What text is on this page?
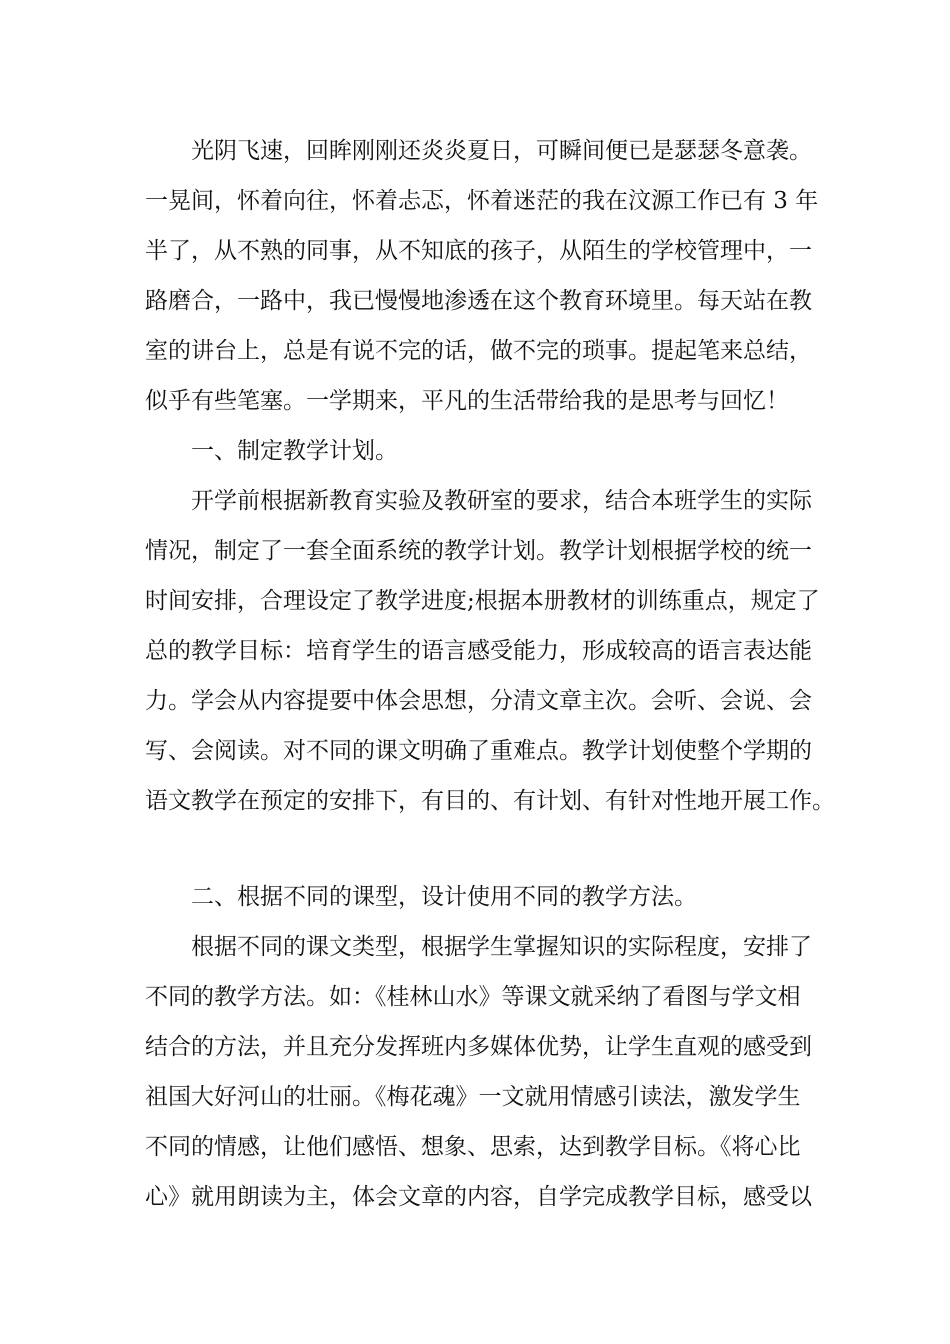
光阴飞速，回眸刚刚还炎炎夏日，可瞬间便已是瑟瑟冬意袭。
一晃间，怀着向往，怀着忐忑，怀着迷茫的我在汶源工作已有 3 年
半了，从不熟的同事，从不知底的孩子，从陌生的学校管理中，一
路磨合，一路中，我已慢慢地渗透在这个教育环境里。每天站在教
室的讲台上，总是有说不完的话，做不完的琐事。提起笔来总结，
似乎有些笔塞。一学期来，平凡的生活带给我的是思考与回忆！
一、制定教学计划。
开学前根据新教育实验及教研室的要求，结合本班学生的实际
情况，制定了一套全面系统的教学计划。教学计划根据学校的统一
时间安排，合理设定了教学进度;根据本册教材的训练重点，规定了
总的教学目标：培育学生的语言感受能力，形成较高的语言表达能
力。学会从内容提要中体会思想，分清文章主次。会听、会说、会
写、会阅读。对不同的课文明确了重难点。教学计划使整个学期的
语文教学在预定的安排下，有目的、有计划、有针对性地开展工作。
二、根据不同的课型，设计使用不同的教学方法。
根据不同的课文类型，根据学生掌握知识的实际程度，安排了
不同的教学方法。如：《桂林山水》等课文就采纳了看图与学文相
结合的方法，并且充分发挥班内多媒体优势，让学生直观的感受到
祖国大好河山的壮丽。《梅花魂》一文就用情感引读法，激发学生
不同的情感，让他们感悟、想象、思索，达到教学目标。《将心比
心》就用朗读为主，体会文章的内容，自学完成教学目标，感受以
